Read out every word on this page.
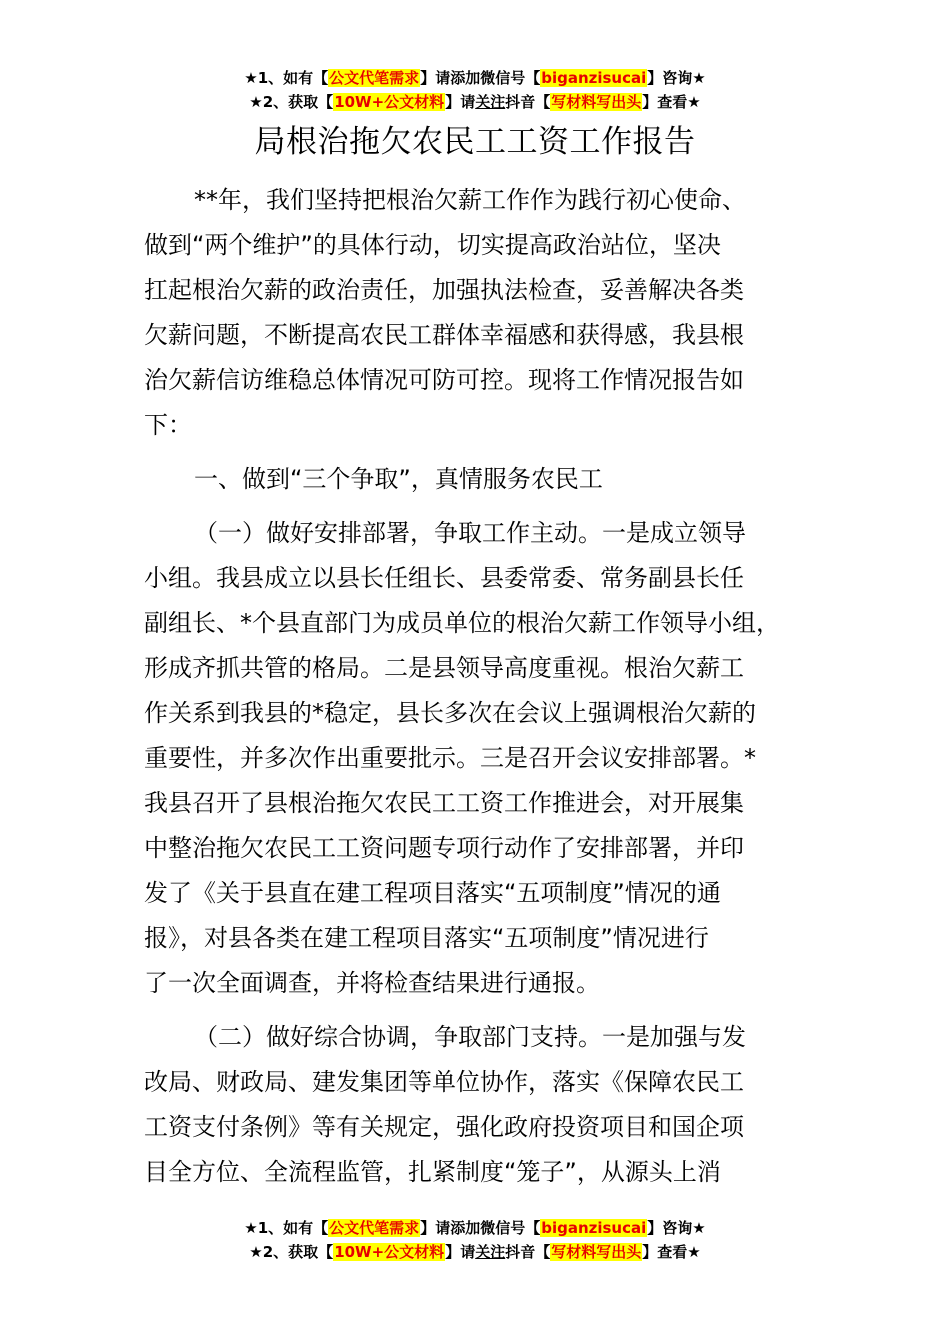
★1、如有【公文代笔需求】请添加微信号【biganzisucai】咨询★
★2、获取【10W+公文材料】请关注抖音【写材料写出头】查看★
局根治拖欠农民工工资工作报告
**年，我们坚持把根治欠薪工作作为践行初心使命、
做到“两个维护”的具体行动，切实提高政治站位，坚决
扛起根治欠薪的政治责任，加强执法检查，妥善解决各类
欠薪问题，不断提高农民工群体幸福感和获得感，我县根
治欠薪信访维稳总体情况可防可控。现将工作情况报告如
下：
一、做到“三个争取”，真情服务农民工
（一）做好安排部署，争取工作主动。一是成立领导
小组。我县成立以县长任组长、县委常委、常务副县长任
副组长、*个县直部门为成员单位的根治欠薪工作领导小组，
形成齐抓共管的格局。二是县领导高度重视。根治欠薪工
作关系到我县的*稳定，县长多次在会议上强调根治欠薪的
重要性，并多次作出重要批示。三是召开会议安排部署。*
我县召开了县根治拖欠农民工工资工作推进会，对开展集
中整治拖欠农民工工资问题专项行动作了安排部署，并印
发了《关于县直在建工程项目落实“五项制度”情况的通
报》，对县各类在建工程项目落实“五项制度”情况进行
了一次全面调查，并将检查结果进行通报。
（二）做好综合协调，争取部门支持。一是加强与发
改局、财政局、建发集团等单位协作，落实《保障农民工
工资支付条例》等有关规定，强化政府投资项目和国企项
目全方位、全流程监管，扎紧制度“笼子”，从源头上消
★1、如有【公文代笔需求】请添加微信号【biganzisucai】咨询★
★2、获取【10W+公文材料】请关注抖音【写材料写出头】查看★
